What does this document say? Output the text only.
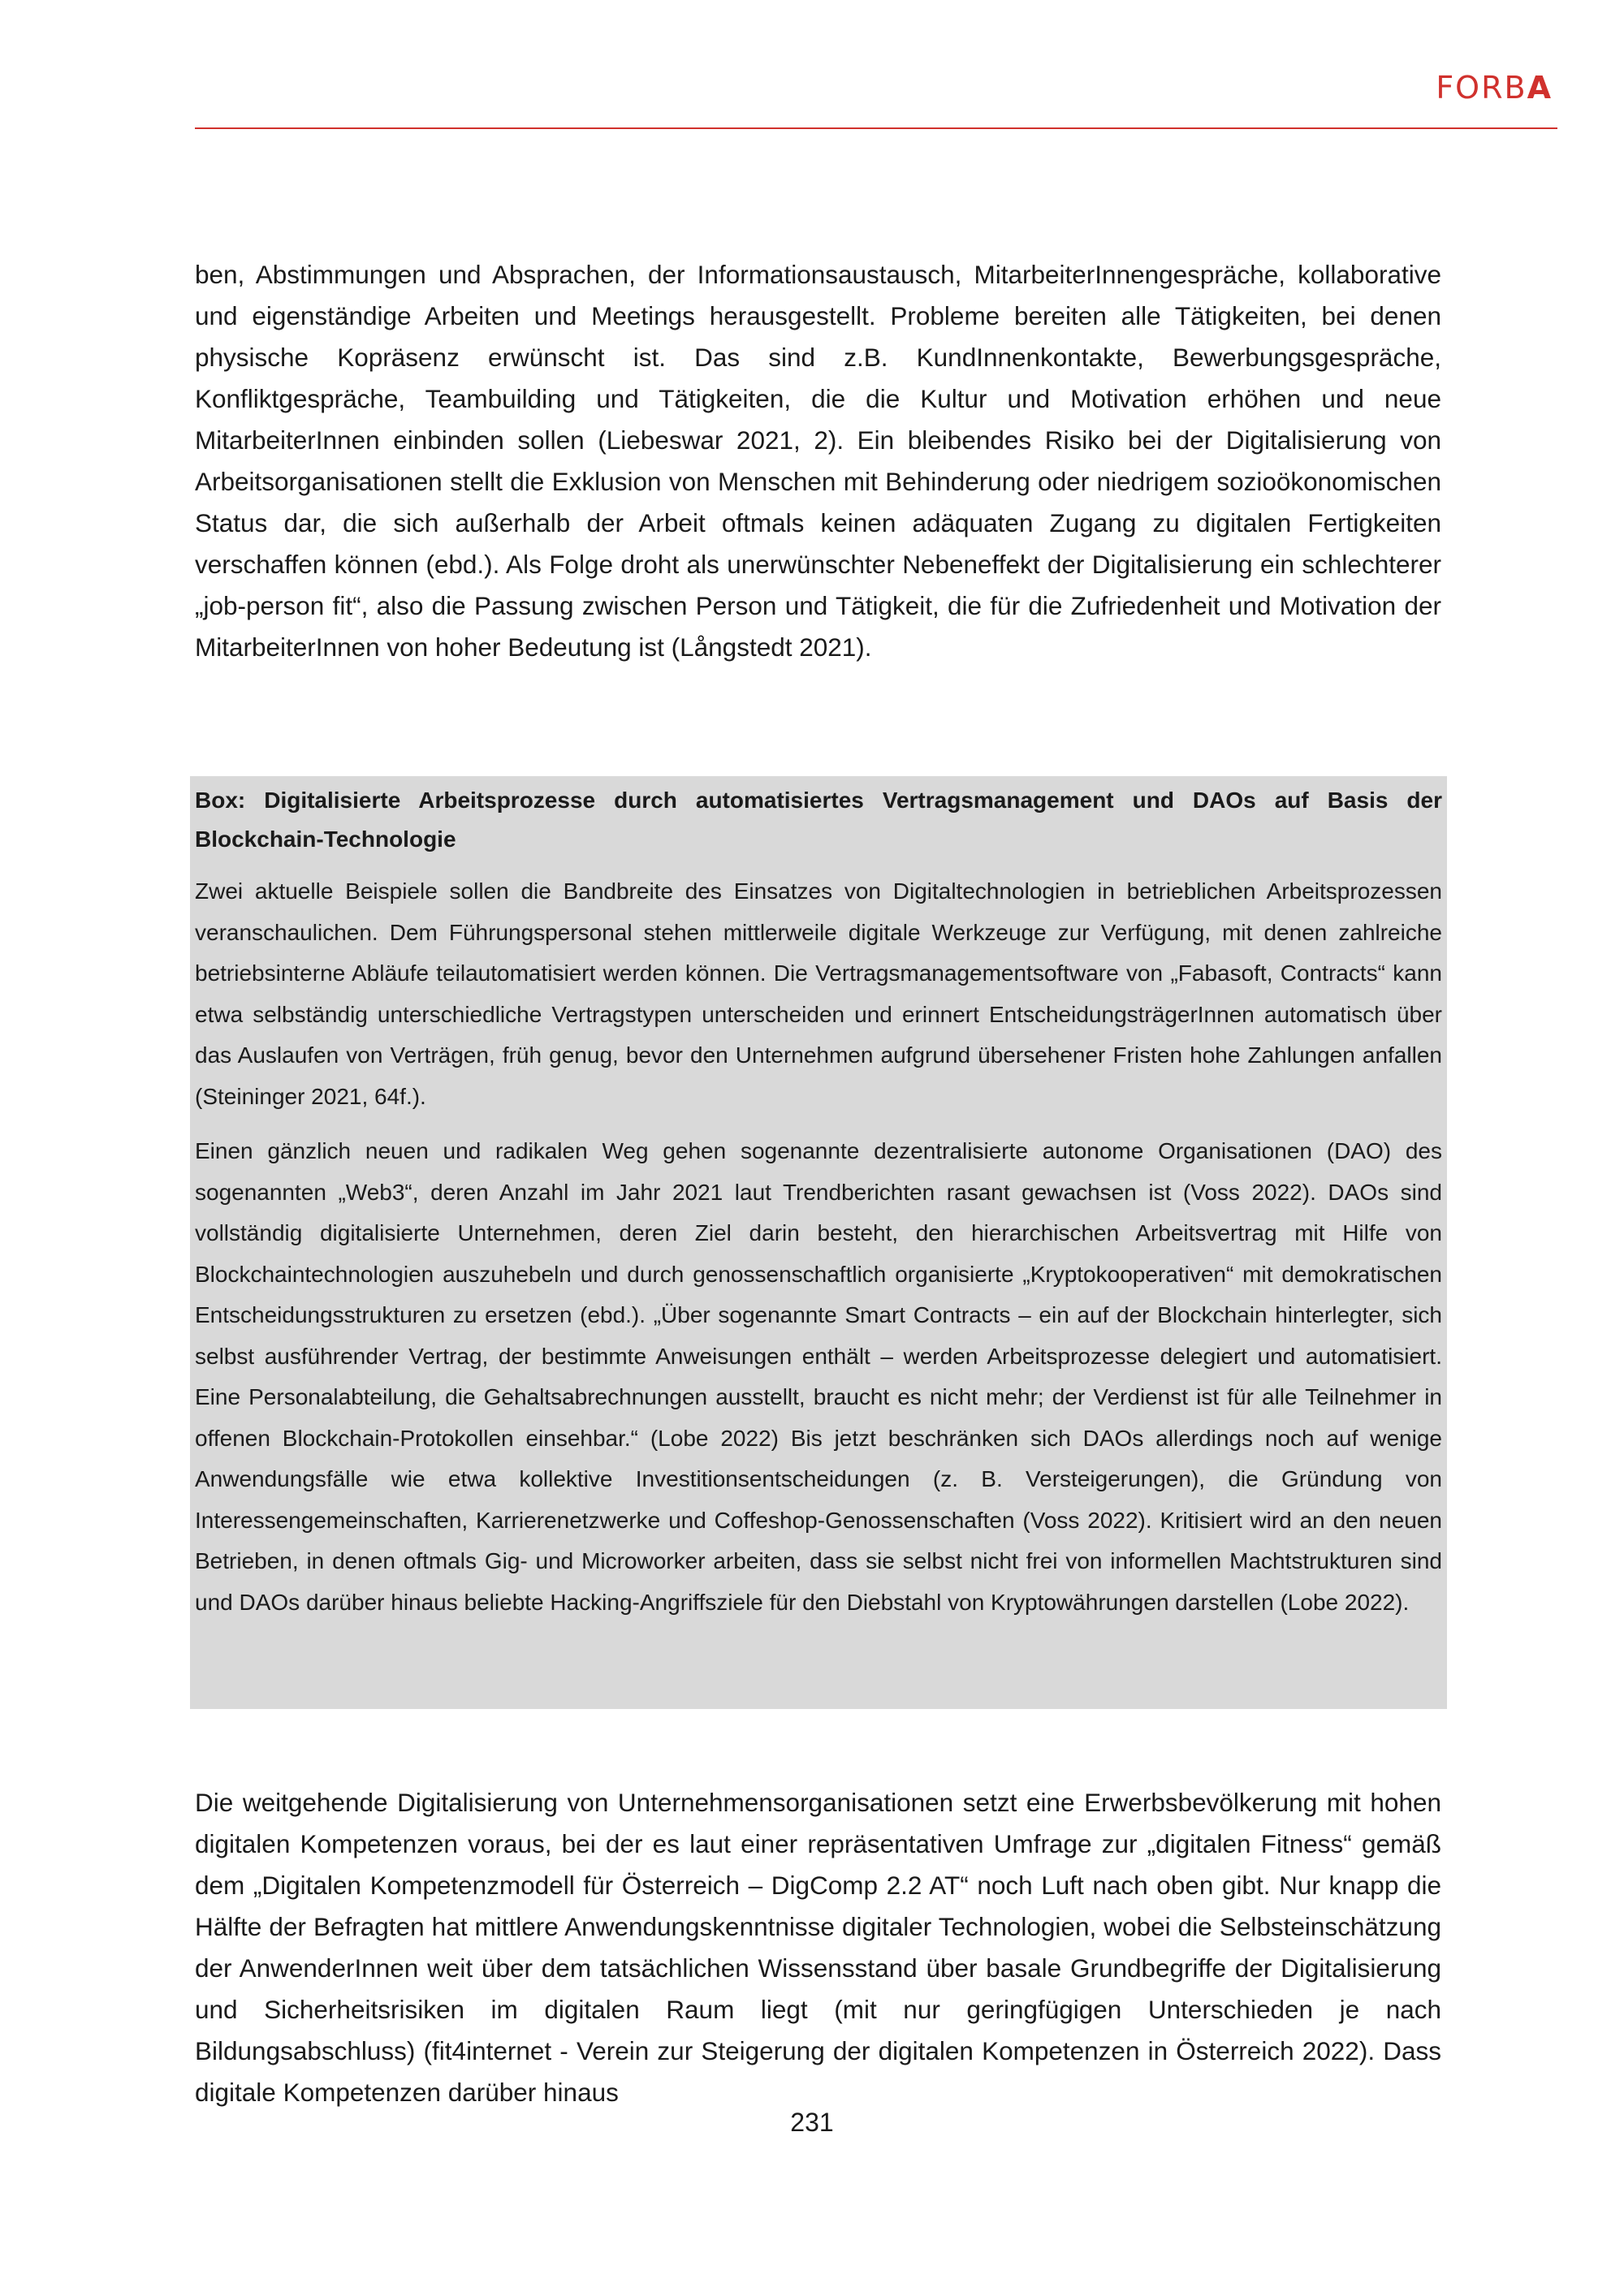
FORBA

ben, Abstimmungen und Absprachen, der Informationsaustausch, MitarbeiterInnengespräche, kollaborative und eigenständige Arbeiten und Meetings herausgestellt. Probleme bereiten alle Tätigkeiten, bei denen physische Kopräsenz erwünscht ist. Das sind z.B. KundInnenkontakte, Bewerbungsgespräche, Konfliktgespräche, Teambuilding und Tätigkeiten, die die Kultur und Motivation erhöhen und neue MitarbeiterInnen einbinden sollen (Liebeswar 2021, 2). Ein bleibendes Risiko bei der Digitalisierung von Arbeitsorganisationen stellt die Exklusion von Menschen mit Behinderung oder niedrigem sozioökonomischen Status dar, die sich außerhalb der Arbeit oftmals keinen adäquaten Zugang zu digitalen Fertigkeiten verschaffen können (ebd.). Als Folge droht als unerwünschter Nebeneffekt der Digitalisierung ein schlechterer „job-person fit“, also die Passung zwischen Person und Tätigkeit, die für die Zufriedenheit und Motivation der MitarbeiterInnen von hoher Bedeutung ist (Långstedt 2021).

Box: Digitalisierte Arbeitsprozesse durch automatisiertes Vertragsmanagement und DAOs auf Basis der Blockchain-Technologie

Zwei aktuelle Beispiele sollen die Bandbreite des Einsatzes von Digitaltechnologien in betrieblichen Arbeitsprozessen veranschaulichen. Dem Führungspersonal stehen mittlerweile digitale Werkzeuge zur Verfügung, mit denen zahlreiche betriebsinterne Abläufe teilautomatisiert werden können. Die Vertragsmanagementsoftware von „Fabasoft, Contracts“ kann etwa selbständig unterschiedliche Vertragstypen unterscheiden und erinnert EntscheidungsträgerInnen automatisch über das Auslaufen von Verträgen, früh genug, bevor den Unternehmen aufgrund übersehener Fristen hohe Zahlungen anfallen (Steininger 2021, 64f.).

Einen gänzlich neuen und radikalen Weg gehen sogenannte dezentralisierte autonome Organisationen (DAO) des sogenannten „Web3“, deren Anzahl im Jahr 2021 laut Trendberichten rasant gewachsen ist (Voss 2022). DAOs sind vollständig digitalisierte Unternehmen, deren Ziel darin besteht, den hierarchischen Arbeitsvertrag mit Hilfe von Blockchaintechnologien auszuhebeln und durch genossenschaftlich organisierte „Kryptokooperativen“ mit demokratischen Entscheidungsstrukturen zu ersetzen (ebd.). „Über sogenannte Smart Contracts – ein auf der Blockchain hinterlegter, sich selbst ausführender Vertrag, der bestimmte Anweisungen enthält – werden Arbeitsprozesse delegiert und automatisiert. Eine Personalabteilung, die Gehaltsabrechnungen ausstellt, braucht es nicht mehr; der Verdienst ist für alle Teilnehmer in offenen Blockchain-Protokollen einsehbar.“ (Lobe 2022) Bis jetzt beschränken sich DAOs allerdings noch auf wenige Anwendungsfälle wie etwa kollektive Investitionsentscheidungen (z. B. Versteigerungen), die Gründung von Interessengemeinschaften, Karrierenetzwerke und Coffeshop-Genossenschaften (Voss 2022). Kritisiert wird an den neuen Betrieben, in denen oftmals Gig- und Microworker arbeiten, dass sie selbst nicht frei von informellen Machtstrukturen sind und DAOs darüber hinaus beliebte Hacking-Angriffsziele für den Diebstahl von Kryptowährungen darstellen (Lobe 2022).

Die weitgehende Digitalisierung von Unternehmensorganisationen setzt eine Erwerbsbevölkerung mit hohen digitalen Kompetenzen voraus, bei der es laut einer repräsentativen Umfrage zur „digitalen Fitness“ gemäß dem „Digitalen Kompetenzmodell für Österreich – DigComp 2.2 AT“ noch Luft nach oben gibt. Nur knapp die Hälfte der Befragten hat mittlere Anwendungskenntnisse digitaler Technologien, wobei die Selbsteinschätzung der AnwenderInnen weit über dem tatsächlichen Wissensstand über basale Grundbegriffe der Digitalisierung und Sicherheitsrisiken im digitalen Raum liegt (mit nur geringfügigen Unterschieden je nach Bildungsabschluss) (fit4internet - Verein zur Steigerung der digitalen Kompetenzen in Österreich 2022). Dass digitale Kompetenzen darüber hinaus

231
